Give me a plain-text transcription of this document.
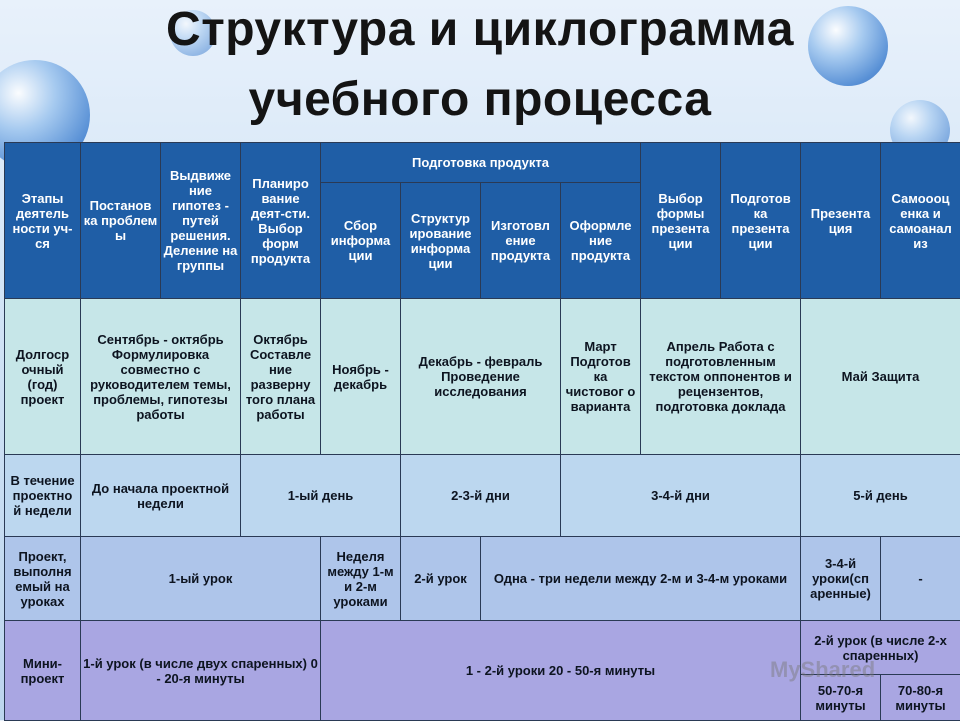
Структура и циклограмма
учебного процесса
Этапы деятель ности уч-ся	Постанов ка проблем ы	Выдвиже ние гипотез - путей решения. Деление на группы	Планиро вание деят-сти. Выбор форм продукта	Подготовка продукта				Выбор формы презента ции	Подготов ка презента ции	Презента ция	Самоооц енка и самоанал из
				Сбор информа ции	Структур ирование информа ции	Изготовл ение продукта	Оформле ние продукта				
Долгоср очный (год) проект	Сентябрь - октябрь Формулировка совместно с руководителем темы, проблемы, гипотезы работы		Октябрь Составле ние разверну того плана работы	Ноябрь - декабрь	Декабрь - февраль Проведение исследования		Март Подготов ка чистовог о варианта	Апрель Работа с подготовленным текстом оппонентов и рецензентов, подготовка доклада		Май Защита	
В течение проектно й недели	До начала проектной недели		1-ый день		2-3-й дни		3-4-й дни			5-й день	
Проект, выполня емый на уроках	1-ый урок			Неделя между 1-м и 2-м уроками	2-й урок	Одна - три недели между 2-м и 3-4-м уроками				3-4-й уроки(сп аренные)	-
Мини- проект	1-й урок (в числе двух спаренных) 0 - 20-я минуты			1 - 2-й уроки 20 - 50-я минуты						2-й урок (в числе 2-х спаренных)	
										50-70-я минуты	70-80-я минуты
MyShared
